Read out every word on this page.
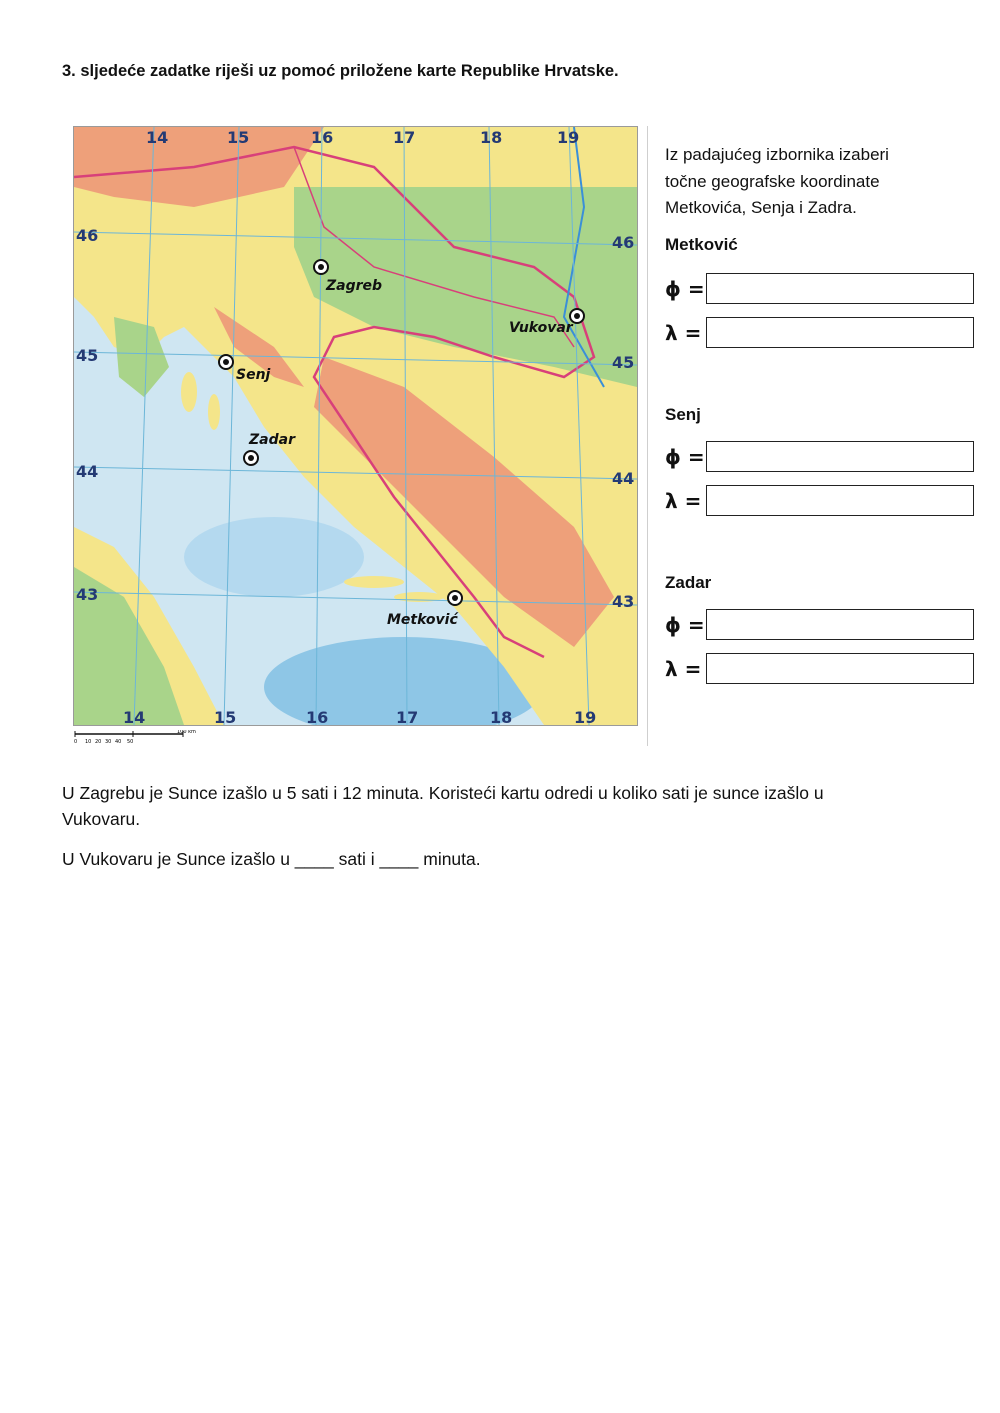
3. sljedeće zadatke riješi uz pomoć priložene karte Republike Hrvatske.
14	15	16	17	18	19
14	15	16	17	18	19
46
45
44
43
46
45
44
43
Zagreb
Vukovar
Senj
Zadar
Metković
0 10 20 30 40 50
100 km
Iz padajućeg izbornika izaberi
točne geografske koordinate
Metkovića, Senja i Zadra.
Metković
ϕ =
λ =
Senj
ϕ =
λ =
Zadar
ϕ =
λ =
U Zagrebu je Sunce izašlo u 5 sati i 12 minuta. Koristeći kartu odredi u koliko sati je sunce izašlo u Vukovaru.
U Vukovaru je Sunce izašlo u ____ sati i ____ minuta.
